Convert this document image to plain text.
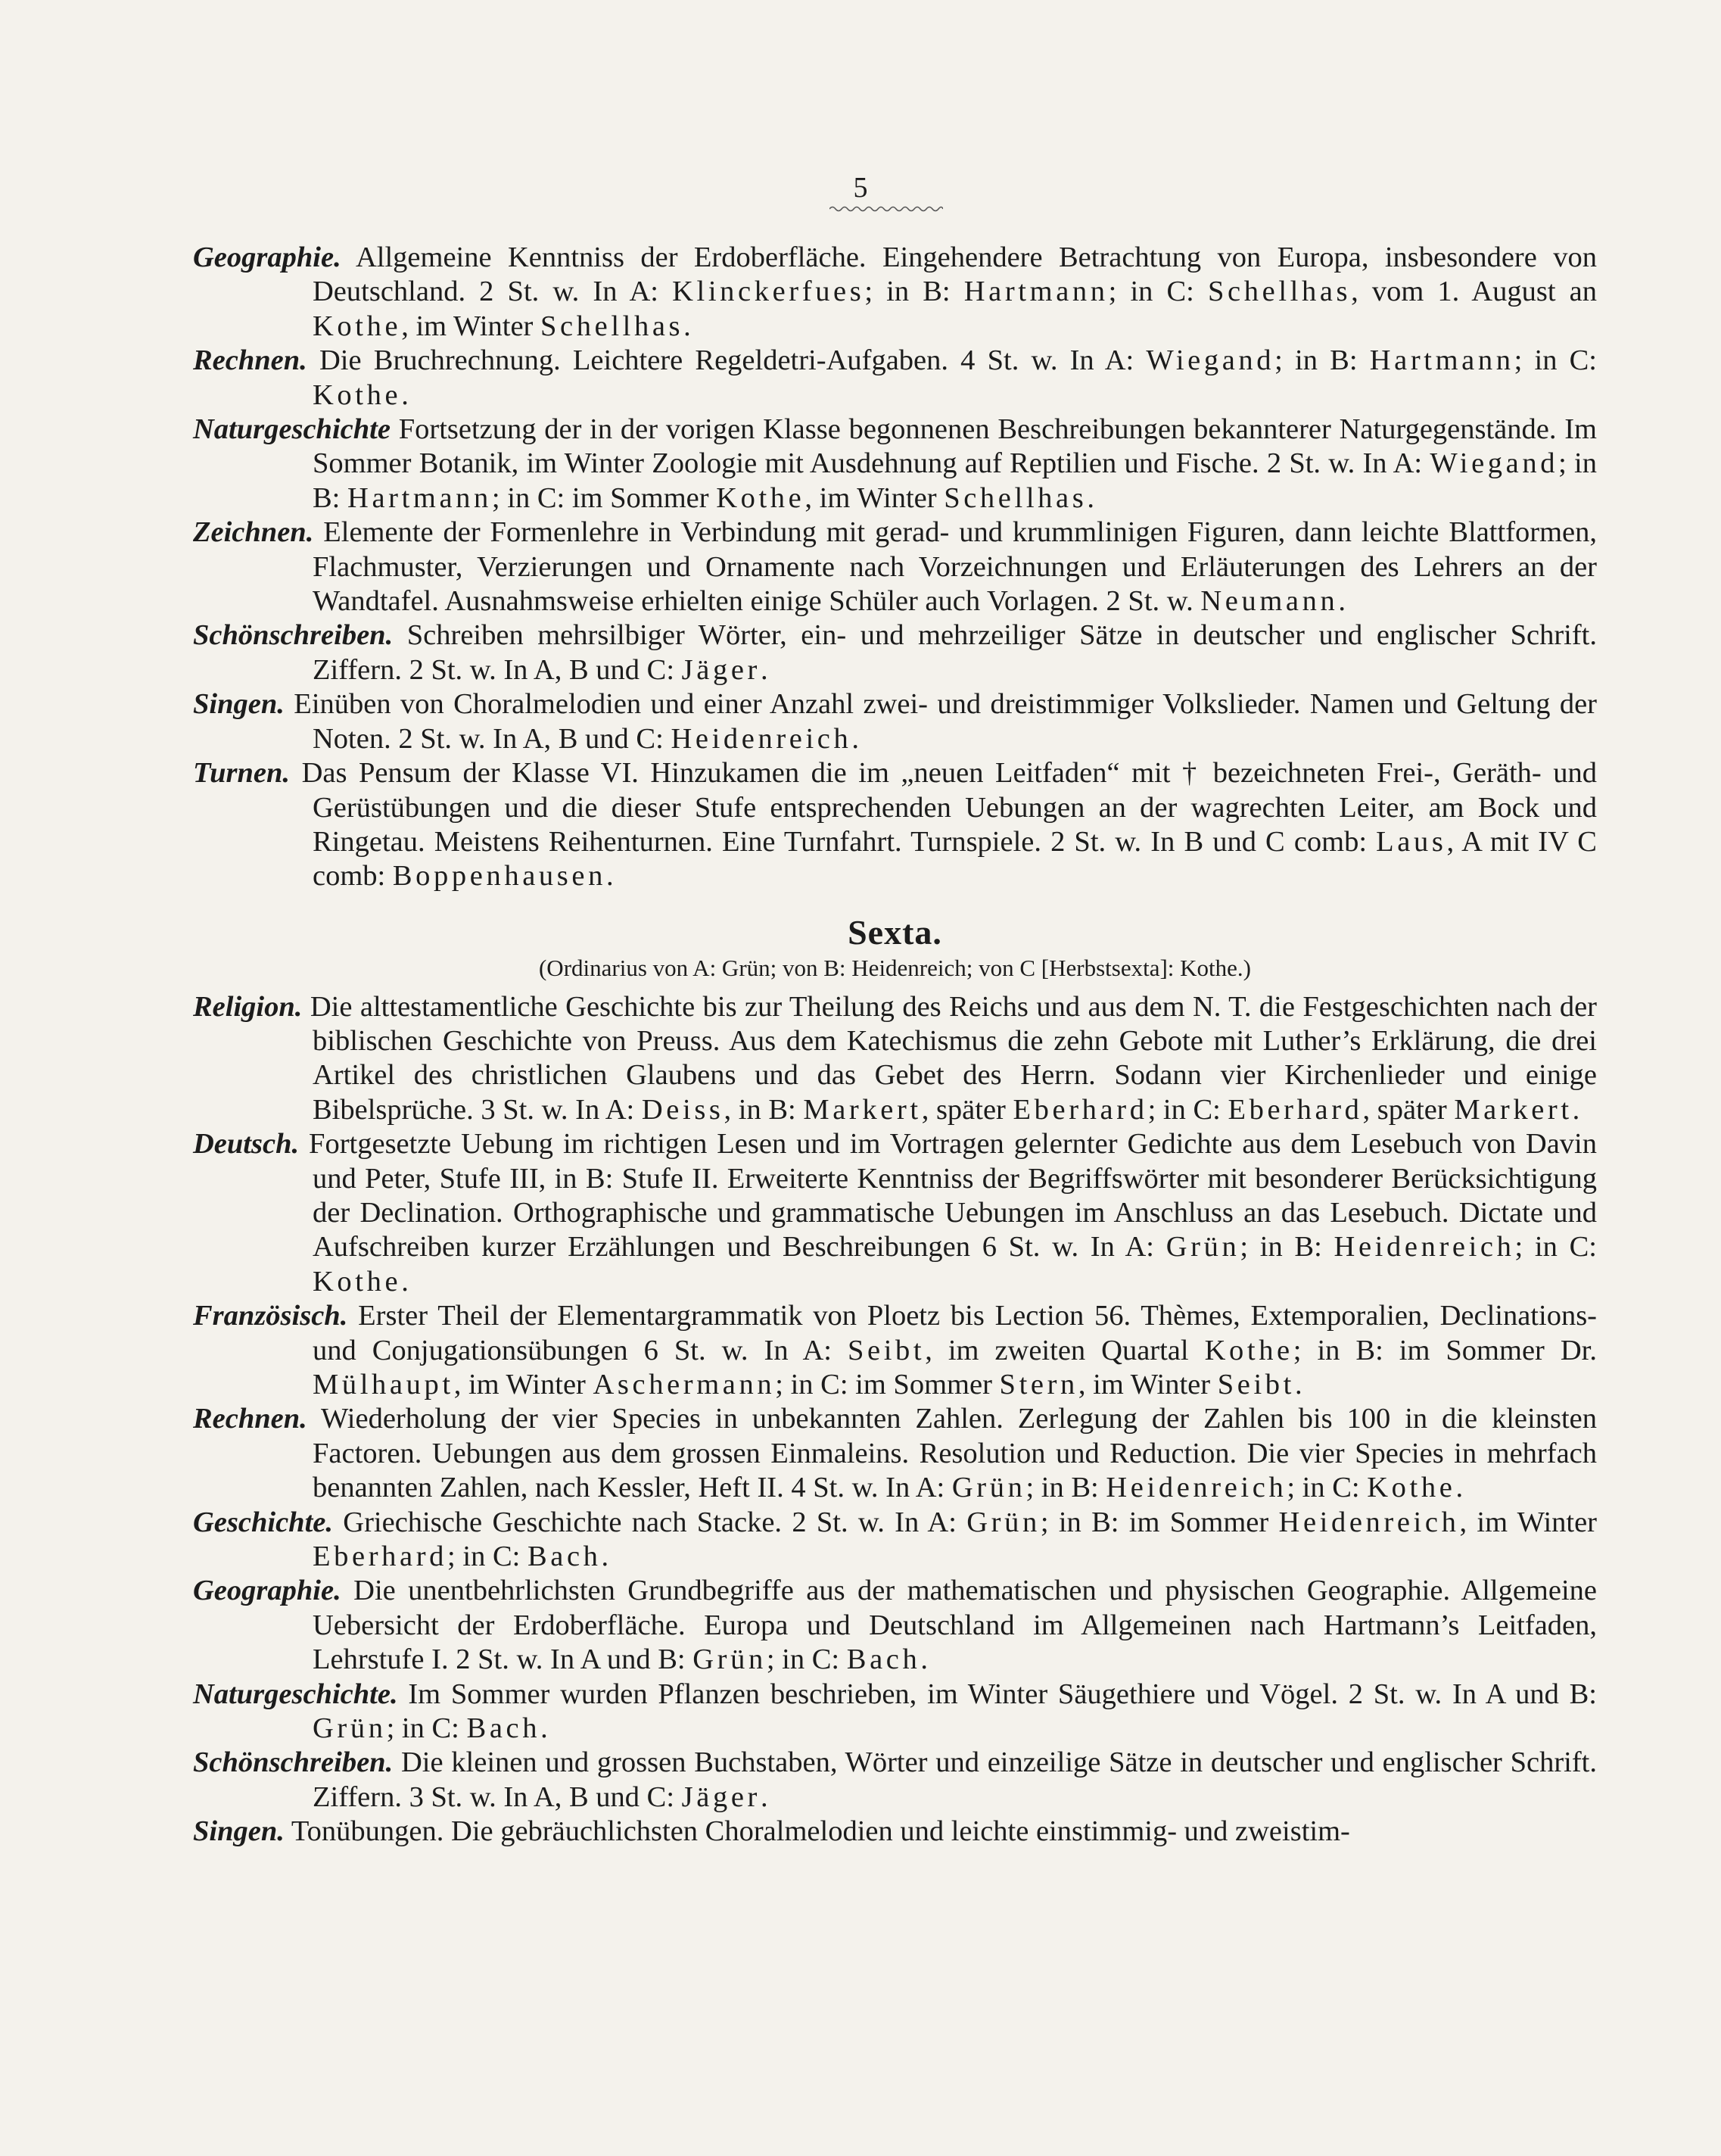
5

Geographie. Allgemeine Kenntniss der Erdoberfläche. Eingehendere Betrachtung von Europa, insbesondere von Deutschland. 2 St. w. In A: Klinckerfues; in B: Hartmann; in C: Schellhas, vom 1. August an Kothe, im Winter Schellhas.

Rechnen. Die Bruchrechnung. Leichtere Regeldetri-Aufgaben. 4 St. w. In A: Wiegand; in B: Hartmann; in C: Kothe.

Naturgeschichte Fortsetzung der in der vorigen Klasse begonnenen Beschreibungen bekannterer Naturgegenstände. Im Sommer Botanik, im Winter Zoologie mit Ausdehnung auf Reptilien und Fische. 2 St. w. In A: Wiegand; in B: Hartmann; in C: im Sommer Kothe, im Winter Schellhas.

Zeichnen. Elemente der Formenlehre in Verbindung mit gerad- und krummlinigen Figuren, dann leichte Blattformen, Flachmuster, Verzierungen und Ornamente nach Vorzeichnungen und Erläuterungen des Lehrers an der Wandtafel. Ausnahmsweise erhielten einige Schüler auch Vorlagen. 2 St. w. Neumann.

Schönschreiben. Schreiben mehrsilbiger Wörter, ein- und mehrzeiliger Sätze in deutscher und englischer Schrift. Ziffern. 2 St. w. In A, B und C: Jäger.

Singen. Einüben von Choralmelodien und einer Anzahl zwei- und dreistimmiger Volkslieder. Namen und Geltung der Noten. 2 St. w. In A, B und C: Heidenreich.

Turnen. Das Pensum der Klasse VI. Hinzukamen die im „neuen Leitfaden“ mit † bezeichneten Frei-, Geräth- und Gerüstübungen und die dieser Stufe entsprechenden Uebungen an der wagrechten Leiter, am Bock und Ringetau. Meistens Reihenturnen. Eine Turnfahrt. Turnspiele. 2 St. w. In B und C comb: Laus, A mit IV C comb: Boppenhausen.

Sexta.
(Ordinarius von A: Grün; von B: Heidenreich; von C [Herbstsexta]: Kothe.)

Religion. Die alttestamentliche Geschichte bis zur Theilung des Reichs und aus dem N. T. die Festgeschichten nach der biblischen Geschichte von Preuss. Aus dem Katechismus die zehn Gebote mit Luther’s Erklärung, die drei Artikel des christlichen Glaubens und das Gebet des Herrn. Sodann vier Kirchenlieder und einige Bibelsprüche. 3 St. w. In A: Deiss, in B: Markert, später Eberhard; in C: Eberhard, später Markert.

Deutsch. Fortgesetzte Uebung im richtigen Lesen und im Vortragen gelernter Gedichte aus dem Lesebuch von Davin und Peter, Stufe III, in B: Stufe II. Erweiterte Kenntniss der Begriffswörter mit besonderer Berücksichtigung der Declination. Orthographische und grammatische Uebungen im Anschluss an das Lesebuch. Dictate und Aufschreiben kurzer Erzählungen und Beschreibungen 6 St. w. In A: Grün; in B: Heidenreich; in C: Kothe.

Französisch. Erster Theil der Elementargrammatik von Ploetz bis Lection 56. Thèmes, Extemporalien, Declinations- und Conjugationsübungen 6 St. w. In A: Seibt, im zweiten Quartal Kothe; in B: im Sommer Dr. Mülhaupt, im Winter Aschermann; in C: im Sommer Stern, im Winter Seibt.

Rechnen. Wiederholung der vier Species in unbekannten Zahlen. Zerlegung der Zahlen bis 100 in die kleinsten Factoren. Uebungen aus dem grossen Einmaleins. Resolution und Reduction. Die vier Species in mehrfach benannten Zahlen, nach Kessler, Heft II. 4 St. w. In A: Grün; in B: Heidenreich; in C: Kothe.

Geschichte. Griechische Geschichte nach Stacke. 2 St. w. In A: Grün; in B: im Sommer Heidenreich, im Winter Eberhard; in C: Bach.

Geographie. Die unentbehrlichsten Grundbegriffe aus der mathematischen und physischen Geographie. Allgemeine Uebersicht der Erdoberfläche. Europa und Deutschland im Allgemeinen nach Hartmann’s Leitfaden, Lehrstufe I. 2 St. w. In A und B: Grün; in C: Bach.

Naturgeschichte. Im Sommer wurden Pflanzen beschrieben, im Winter Säugethiere und Vögel. 2 St. w. In A und B: Grün; in C: Bach.

Schönschreiben. Die kleinen und grossen Buchstaben, Wörter und einzeilige Sätze in deutscher und englischer Schrift. Ziffern. 3 St. w. In A, B und C: Jäger.

Singen. Tonübungen. Die gebräuchlichsten Choralmelodien und leichte einstimmig- und zweistim-
